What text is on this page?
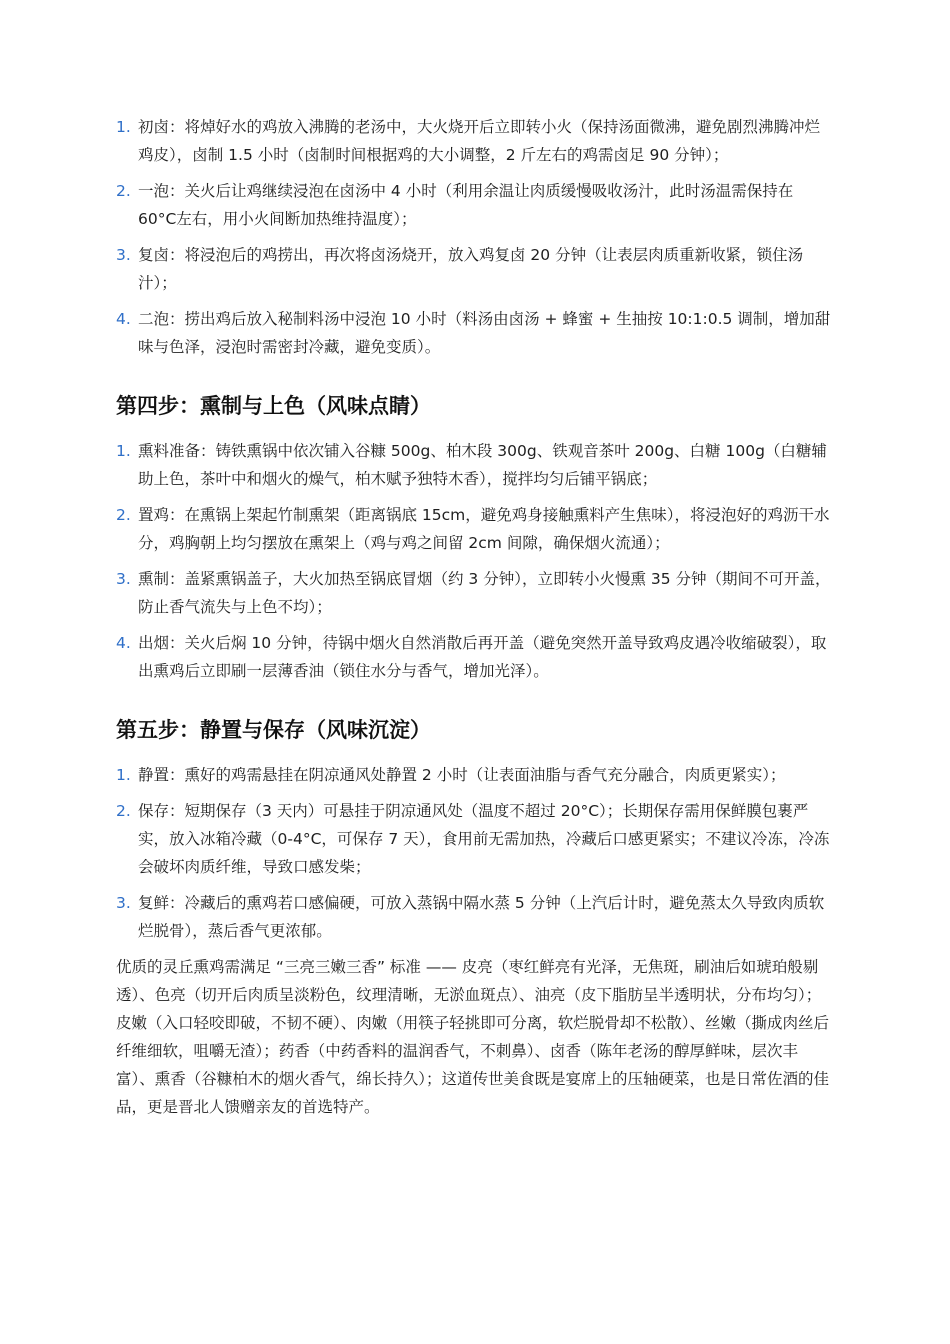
1. 初卤：将焯好水的鸡放入沸腾的老汤中，大火烧开后立即转小火（保持汤面微沸，避免剧烈沸腾冲烂鸡皮），卤制 1.5 小时（卤制时间根据鸡的大小调整，2 斤左右的鸡需卤足 90 分钟）；
2. 一泡：关火后让鸡继续浸泡在卤汤中 4 小时（利用余温让肉质缓慢吸收汤汁，此时汤温需保持在 60°C左右，用小火间断加热维持温度）；
3. 复卤：将浸泡后的鸡捞出，再次将卤汤烧开，放入鸡复卤 20 分钟（让表层肉质重新收紧，锁住汤汁）；
4. 二泡：捞出鸡后放入秘制料汤中浸泡 10 小时（料汤由卤汤 + 蜂蜜 + 生抽按 10:1:0.5 调制，增加甜味与色泽，浸泡时需密封冷藏，避免变质）。
第四步：熏制与上色（风味点睛）
1. 熏料准备：铸铁熏锅中依次铺入谷糠 500g、柏木段 300g、铁观音茶叶 200g、白糖 100g（白糖辅助上色，茶叶中和烟火的燥气，柏木赋予独特木香），搅拌均匀后铺平锅底；
2. 置鸡：在熏锅上架起竹制熏架（距离锅底 15cm，避免鸡身接触熏料产生焦味），将浸泡好的鸡沥干水分，鸡胸朝上均匀摆放在熏架上（鸡与鸡之间留 2cm 间隙，确保烟火流通）；
3. 熏制：盖紧熏锅盖子，大火加热至锅底冒烟（约 3 分钟），立即转小火慢熏 35 分钟（期间不可开盖，防止香气流失与上色不均）；
4. 出烟：关火后焖 10 分钟，待锅中烟火自然消散后再开盖（避免突然开盖导致鸡皮遇冷收缩破裂），取出熏鸡后立即刷一层薄香油（锁住水分与香气，增加光泽）。
第五步：静置与保存（风味沉淀）
1. 静置：熏好的鸡需悬挂在阴凉通风处静置 2 小时（让表面油脂与香气充分融合，肉质更紧实）；
2. 保存：短期保存（3 天内）可悬挂于阴凉通风处（温度不超过 20°C）；长期保存需用保鲜膜包裹严实，放入冰箱冷藏（0-4°C，可保存 7 天），食用前无需加热，冷藏后口感更紧实；不建议冷冻，冷冻会破坏肉质纤维，导致口感发柴；
3. 复鲜：冷藏后的熏鸡若口感偏硬，可放入蒸锅中隔水蒸 5 分钟（上汽后计时，避免蒸太久导致肉质软烂脱骨），蒸后香气更浓郁。

优质的灵丘熏鸡需满足 “三亮三嫩三香” 标准 —— 皮亮（枣红鲜亮有光泽，无焦斑，刷油后如琥珀般剔透）、色亮（切开后肉质呈淡粉色，纹理清晰，无淤血斑点）、油亮（皮下脂肪呈半透明状，分布均匀）；皮嫩（入口轻咬即破，不韧不硬）、肉嫩（用筷子轻挑即可分离，软烂脱骨却不松散）、丝嫩（撕成肉丝后纤维细软，咀嚼无渣）；药香（中药香料的温润香气，不刺鼻）、卤香（陈年老汤的醇厚鲜味，层次丰富）、熏香（谷糠柏木的烟火香气，绵长持久）；这道传世美食既是宴席上的压轴硬菜，也是日常佐酒的佳品，更是晋北人馈赠亲友的首选特产。
